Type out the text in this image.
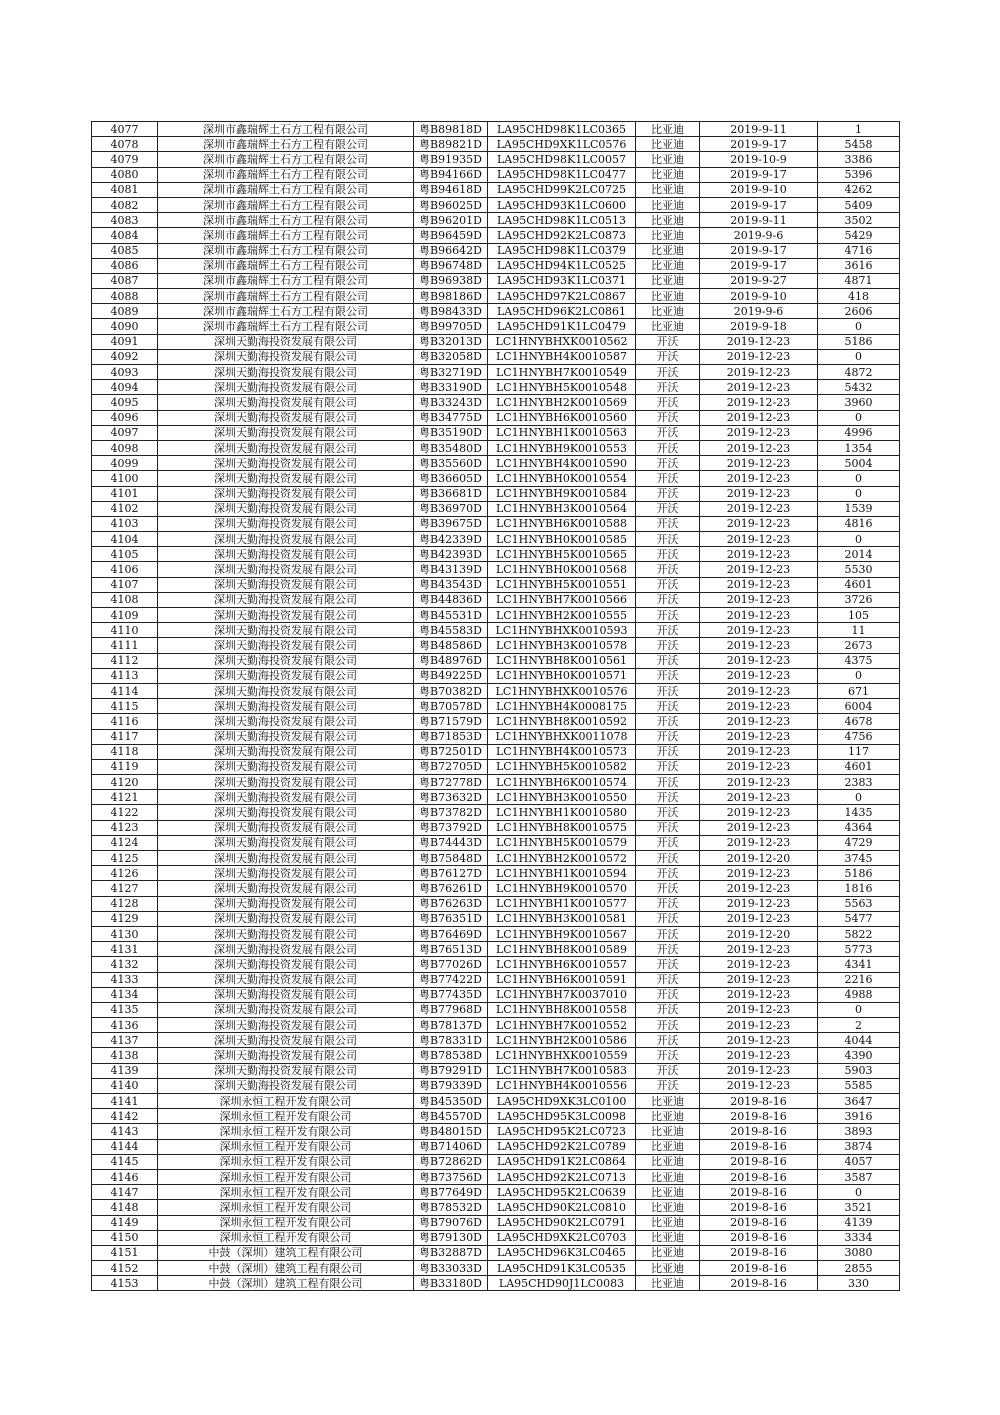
4077	深圳市鑫瑞辉土石方工程有限公司	粤B89818D	LA95CHD98K1LC0365	比亚迪	2019-9-11	1
4078	深圳市鑫瑞辉土石方工程有限公司	粤B89821D	LA95CHD9XK1LC0576	比亚迪	2019-9-17	5458
4079	深圳市鑫瑞辉土石方工程有限公司	粤B91935D	LA95CHD98K1LC0057	比亚迪	2019-10-9	3386
4080	深圳市鑫瑞辉土石方工程有限公司	粤B94166D	LA95CHD98K1LC0477	比亚迪	2019-9-17	5396
4081	深圳市鑫瑞辉土石方工程有限公司	粤B94618D	LA95CHD99K2LC0725	比亚迪	2019-9-10	4262
4082	深圳市鑫瑞辉土石方工程有限公司	粤B96025D	LA95CHD93K1LC0600	比亚迪	2019-9-17	5409
4083	深圳市鑫瑞辉土石方工程有限公司	粤B96201D	LA95CHD98K1LC0513	比亚迪	2019-9-11	3502
4084	深圳市鑫瑞辉土石方工程有限公司	粤B96459D	LA95CHD92K2LC0873	比亚迪	2019-9-6	5429
4085	深圳市鑫瑞辉土石方工程有限公司	粤B96642D	LA95CHD98K1LC0379	比亚迪	2019-9-17	4716
4086	深圳市鑫瑞辉土石方工程有限公司	粤B96748D	LA95CHD94K1LC0525	比亚迪	2019-9-17	3616
4087	深圳市鑫瑞辉土石方工程有限公司	粤B96938D	LA95CHD93K1LC0371	比亚迪	2019-9-27	4871
4088	深圳市鑫瑞辉土石方工程有限公司	粤B98186D	LA95CHD97K2LC0867	比亚迪	2019-9-10	418
4089	深圳市鑫瑞辉土石方工程有限公司	粤B98433D	LA95CHD96K2LC0861	比亚迪	2019-9-6	2606
4090	深圳市鑫瑞辉土石方工程有限公司	粤B99705D	LA95CHD91K1LC0479	比亚迪	2019-9-18	0
4091	深圳天勤海投资发展有限公司	粤B32013D	LC1HNYBHXK0010562	开沃	2019-12-23	5186
4092	深圳天勤海投资发展有限公司	粤B32058D	LC1HNYBH4K0010587	开沃	2019-12-23	0
4093	深圳天勤海投资发展有限公司	粤B32719D	LC1HNYBH7K0010549	开沃	2019-12-23	4872
4094	深圳天勤海投资发展有限公司	粤B33190D	LC1HNYBH5K0010548	开沃	2019-12-23	5432
4095	深圳天勤海投资发展有限公司	粤B33243D	LC1HNYBH2K0010569	开沃	2019-12-23	3960
4096	深圳天勤海投资发展有限公司	粤B34775D	LC1HNYBH6K0010560	开沃	2019-12-23	0
4097	深圳天勤海投资发展有限公司	粤B35190D	LC1HNYBH1K0010563	开沃	2019-12-23	4996
4098	深圳天勤海投资发展有限公司	粤B35480D	LC1HNYBH9K0010553	开沃	2019-12-23	1354
4099	深圳天勤海投资发展有限公司	粤B35560D	LC1HNYBH4K0010590	开沃	2019-12-23	5004
4100	深圳天勤海投资发展有限公司	粤B36605D	LC1HNYBH0K0010554	开沃	2019-12-23	0
4101	深圳天勤海投资发展有限公司	粤B36681D	LC1HNYBH9K0010584	开沃	2019-12-23	0
4102	深圳天勤海投资发展有限公司	粤B36970D	LC1HNYBH3K0010564	开沃	2019-12-23	1539
4103	深圳天勤海投资发展有限公司	粤B39675D	LC1HNYBH6K0010588	开沃	2019-12-23	4816
4104	深圳天勤海投资发展有限公司	粤B42339D	LC1HNYBH0K0010585	开沃	2019-12-23	0
4105	深圳天勤海投资发展有限公司	粤B42393D	LC1HNYBH5K0010565	开沃	2019-12-23	2014
4106	深圳天勤海投资发展有限公司	粤B43139D	LC1HNYBH0K0010568	开沃	2019-12-23	5530
4107	深圳天勤海投资发展有限公司	粤B43543D	LC1HNYBH5K0010551	开沃	2019-12-23	4601
4108	深圳天勤海投资发展有限公司	粤B44836D	LC1HNYBH7K0010566	开沃	2019-12-23	3726
4109	深圳天勤海投资发展有限公司	粤B45531D	LC1HNYBH2K0010555	开沃	2019-12-23	105
4110	深圳天勤海投资发展有限公司	粤B45583D	LC1HNYBHXK0010593	开沃	2019-12-23	11
4111	深圳天勤海投资发展有限公司	粤B48586D	LC1HNYBH3K0010578	开沃	2019-12-23	2673
4112	深圳天勤海投资发展有限公司	粤B48976D	LC1HNYBH8K0010561	开沃	2019-12-23	4375
4113	深圳天勤海投资发展有限公司	粤B49225D	LC1HNYBH0K0010571	开沃	2019-12-23	0
4114	深圳天勤海投资发展有限公司	粤B70382D	LC1HNYBHXK0010576	开沃	2019-12-23	671
4115	深圳天勤海投资发展有限公司	粤B70578D	LC1HNYBH4K0008175	开沃	2019-12-23	6004
4116	深圳天勤海投资发展有限公司	粤B71579D	LC1HNYBH8K0010592	开沃	2019-12-23	4678
4117	深圳天勤海投资发展有限公司	粤B71853D	LC1HNYBHXK0011078	开沃	2019-12-23	4756
4118	深圳天勤海投资发展有限公司	粤B72501D	LC1HNYBH4K0010573	开沃	2019-12-23	117
4119	深圳天勤海投资发展有限公司	粤B72705D	LC1HNYBH5K0010582	开沃	2019-12-23	4601
4120	深圳天勤海投资发展有限公司	粤B72778D	LC1HNYBH6K0010574	开沃	2019-12-23	2383
4121	深圳天勤海投资发展有限公司	粤B73632D	LC1HNYBH3K0010550	开沃	2019-12-23	0
4122	深圳天勤海投资发展有限公司	粤B73782D	LC1HNYBH1K0010580	开沃	2019-12-23	1435
4123	深圳天勤海投资发展有限公司	粤B73792D	LC1HNYBH8K0010575	开沃	2019-12-23	4364
4124	深圳天勤海投资发展有限公司	粤B74443D	LC1HNYBH5K0010579	开沃	2019-12-23	4729
4125	深圳天勤海投资发展有限公司	粤B75848D	LC1HNYBH2K0010572	开沃	2019-12-20	3745
4126	深圳天勤海投资发展有限公司	粤B76127D	LC1HNYBH1K0010594	开沃	2019-12-23	5186
4127	深圳天勤海投资发展有限公司	粤B76261D	LC1HNYBH9K0010570	开沃	2019-12-23	1816
4128	深圳天勤海投资发展有限公司	粤B76263D	LC1HNYBH1K0010577	开沃	2019-12-23	5563
4129	深圳天勤海投资发展有限公司	粤B76351D	LC1HNYBH3K0010581	开沃	2019-12-23	5477
4130	深圳天勤海投资发展有限公司	粤B76469D	LC1HNYBH9K0010567	开沃	2019-12-20	5822
4131	深圳天勤海投资发展有限公司	粤B76513D	LC1HNYBH8K0010589	开沃	2019-12-23	5773
4132	深圳天勤海投资发展有限公司	粤B77026D	LC1HNYBH6K0010557	开沃	2019-12-23	4341
4133	深圳天勤海投资发展有限公司	粤B77422D	LC1HNYBH6K0010591	开沃	2019-12-23	2216
4134	深圳天勤海投资发展有限公司	粤B77435D	LC1HNYBH7K0037010	开沃	2019-12-23	4988
4135	深圳天勤海投资发展有限公司	粤B77968D	LC1HNYBH8K0010558	开沃	2019-12-23	0
4136	深圳天勤海投资发展有限公司	粤B78137D	LC1HNYBH7K0010552	开沃	2019-12-23	2
4137	深圳天勤海投资发展有限公司	粤B78331D	LC1HNYBH2K0010586	开沃	2019-12-23	4044
4138	深圳天勤海投资发展有限公司	粤B78538D	LC1HNYBHXK0010559	开沃	2019-12-23	4390
4139	深圳天勤海投资发展有限公司	粤B79291D	LC1HNYBH7K0010583	开沃	2019-12-23	5903
4140	深圳天勤海投资发展有限公司	粤B79339D	LC1HNYBH4K0010556	开沃	2019-12-23	5585
4141	深圳永恒工程开发有限公司	粤B45350D	LA95CHD9XK3LC0100	比亚迪	2019-8-16	3647
4142	深圳永恒工程开发有限公司	粤B45570D	LA95CHD95K3LC0098	比亚迪	2019-8-16	3916
4143	深圳永恒工程开发有限公司	粤B48015D	LA95CHD95K2LC0723	比亚迪	2019-8-16	3893
4144	深圳永恒工程开发有限公司	粤B71406D	LA95CHD92K2LC0789	比亚迪	2019-8-16	3874
4145	深圳永恒工程开发有限公司	粤B72862D	LA95CHD91K2LC0864	比亚迪	2019-8-16	4057
4146	深圳永恒工程开发有限公司	粤B73756D	LA95CHD92K2LC0713	比亚迪	2019-8-16	3587
4147	深圳永恒工程开发有限公司	粤B77649D	LA95CHD95K2LC0639	比亚迪	2019-8-16	0
4148	深圳永恒工程开发有限公司	粤B78532D	LA95CHD90K2LC0810	比亚迪	2019-8-16	3521
4149	深圳永恒工程开发有限公司	粤B79076D	LA95CHD90K2LC0791	比亚迪	2019-8-16	4139
4150	深圳永恒工程开发有限公司	粤B79130D	LA95CHD9XK2LC0703	比亚迪	2019-8-16	3334
4151	中鼓（深圳）建筑工程有限公司	粤B32887D	LA95CHD96K3LC0465	比亚迪	2019-8-16	3080
4152	中鼓（深圳）建筑工程有限公司	粤B33033D	LA95CHD91K3LC0535	比亚迪	2019-8-16	2855
4153	中鼓（深圳）建筑工程有限公司	粤B33180D	LA95CHD90J1LC0083	比亚迪	2019-8-16	330
